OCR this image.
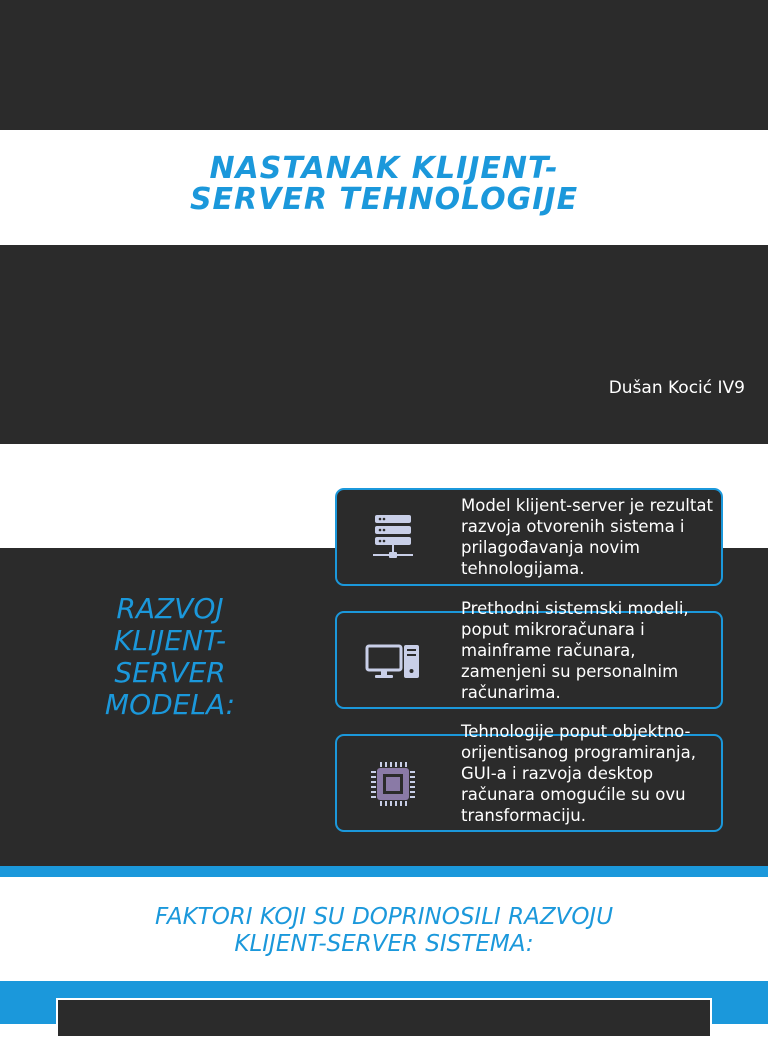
NASTANAK KLIJENT-
SERVER TEHNOLOGIJE
Dušan Kocić IV9
RAZVOJ
KLIJENT-
SERVER
MODELA:
Model klijent-server je rezultat razvoja otvorenih sistema i prilagođavanja novim tehnologijama.
Prethodni sistemski modeli, poput mikroračunara i mainframe računara, zamenjeni su personalnim računarima.
Tehnologije poput objektno-orijentisanog programiranja, GUI-a i razvoja desktop računara omogućile su ovu transformaciju.
FAKTORI KOJI SU DOPRINOSILI RAZVOJU
KLIJENT-SERVER SISTEMA:
